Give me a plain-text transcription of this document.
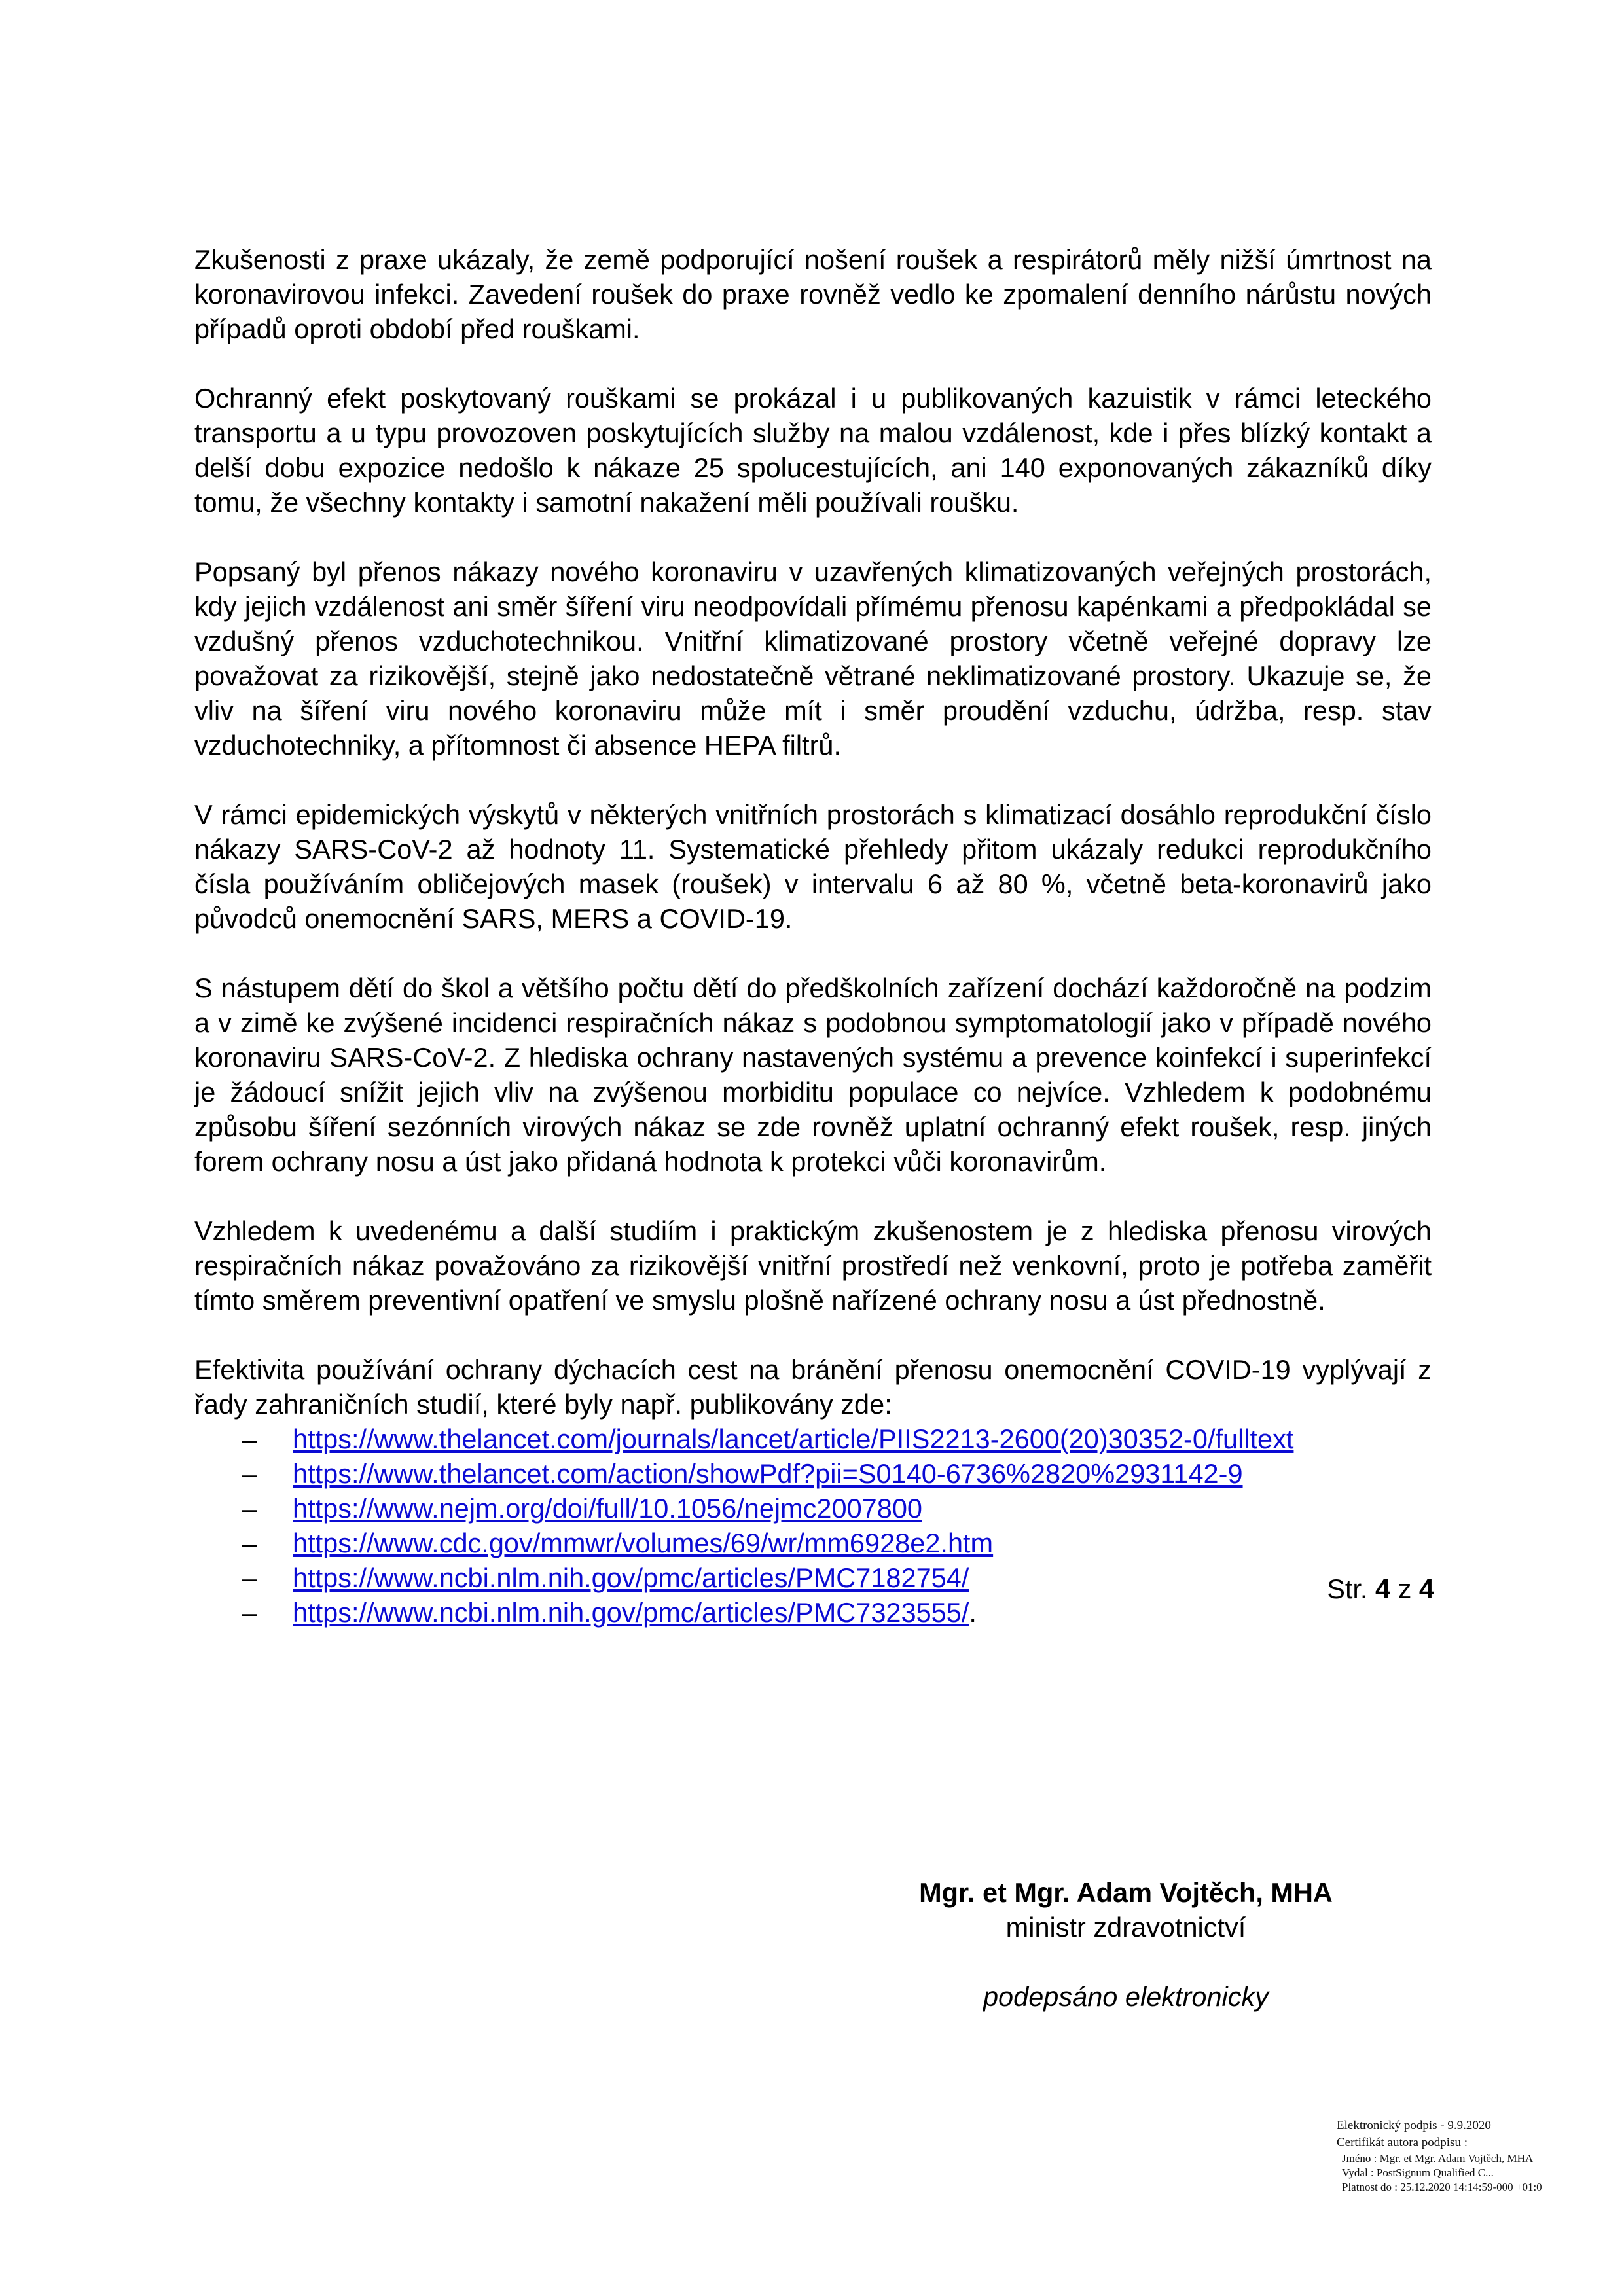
Zkušenosti z praxe ukázaly, že země podporující nošení roušek a respirátorů měly nižší úmrtnost na koronavirovou infekci. Zavedení roušek do praxe rovněž vedlo ke zpomalení denního nárůstu nových případů oproti období před rouškami.

Ochranný efekt poskytovaný rouškami se prokázal i u publikovaných kazuistik v rámci leteckého transportu a u typu provozoven poskytujících služby na malou vzdálenost, kde i přes blízký kontakt a delší dobu expozice nedošlo k nákaze 25 spolucestujících, ani 140 exponovaných zákazníků díky tomu, že všechny kontakty i samotní nakažení měli používali roušku.

Popsaný byl přenos nákazy nového koronaviru v uzavřených klimatizovaných veřejných prostorách, kdy jejich vzdálenost ani směr šíření viru neodpovídali přímému přenosu kapénkami a předpokládal se vzdušný přenos vzduchotechnikou. Vnitřní klimatizované prostory včetně veřejné dopravy lze považovat za rizikovější, stejně jako nedostatečně větrané neklimatizované prostory. Ukazuje se, že vliv na šíření viru nového koronaviru může mít i směr proudění vzduchu, údržba, resp. stav vzduchotechniky, a přítomnost či absence HEPA filtrů.

V rámci epidemických výskytů v některých vnitřních prostorách s klimatizací dosáhlo reprodukční číslo nákazy SARS-CoV-2 až hodnoty 11. Systematické přehledy přitom ukázaly redukci reprodukčního čísla používáním obličejových masek (roušek) v intervalu 6 až 80 %, včetně beta-koronavirů jako původců onemocnění SARS, MERS a COVID-19.

S nástupem dětí do škol a většího počtu dětí do předškolních zařízení dochází každoročně na podzim a v zimě ke zvýšené incidenci respiračních nákaz s podobnou symptomatologií jako v případě nového koronaviru SARS-CoV-2. Z hlediska ochrany nastavených systému a prevence koinfekcí i superinfekcí je žádoucí snížit jejich vliv na zvýšenou morbiditu populace co nejvíce. Vzhledem k podobnému způsobu šíření sezónních virových nákaz se zde rovněž uplatní ochranný efekt roušek, resp. jiných forem ochrany nosu a úst jako přidaná hodnota k protekci vůči koronavirům.

Vzhledem k uvedenému a další studiím i praktickým zkušenostem je z hlediska přenosu virových respiračních nákaz považováno za rizikovější vnitřní prostředí než venkovní, proto je potřeba zaměřit tímto směrem preventivní opatření ve smyslu plošně nařízené ochrany nosu a úst přednostně.

Efektivita používání ochrany dýchacích cest na bránění přenosu onemocnění COVID-19 vyplývají z řady zahraničních studií, které byly např. publikovány zde:

– https://www.thelancet.com/journals/lancet/article/PIIS2213-2600(20)30352-0/fulltext
– https://www.thelancet.com/action/showPdf?pii=S0140-6736%2820%2931142-9
– https://www.nejm.org/doi/full/10.1056/nejmc2007800
– https://www.cdc.gov/mmwr/volumes/69/wr/mm6928e2.htm
– https://www.ncbi.nlm.nih.gov/pmc/articles/PMC7182754/
– https://www.ncbi.nlm.nih.gov/pmc/articles/PMC7323555/.
Mgr. et Mgr. Adam Vojtěch, MHA
ministr zdravotnictví
podepsáno elektronicky
Str. 4 z 4
Elektronický podpis - 9.9.2020
Certifikát autora podpisu :
Jméno : Mgr. et Mgr. Adam Vojtěch, MHA
Vydal : PostSignum Qualified C...
Platnost do : 25.12.2020 14:14:59-000 +01:0
